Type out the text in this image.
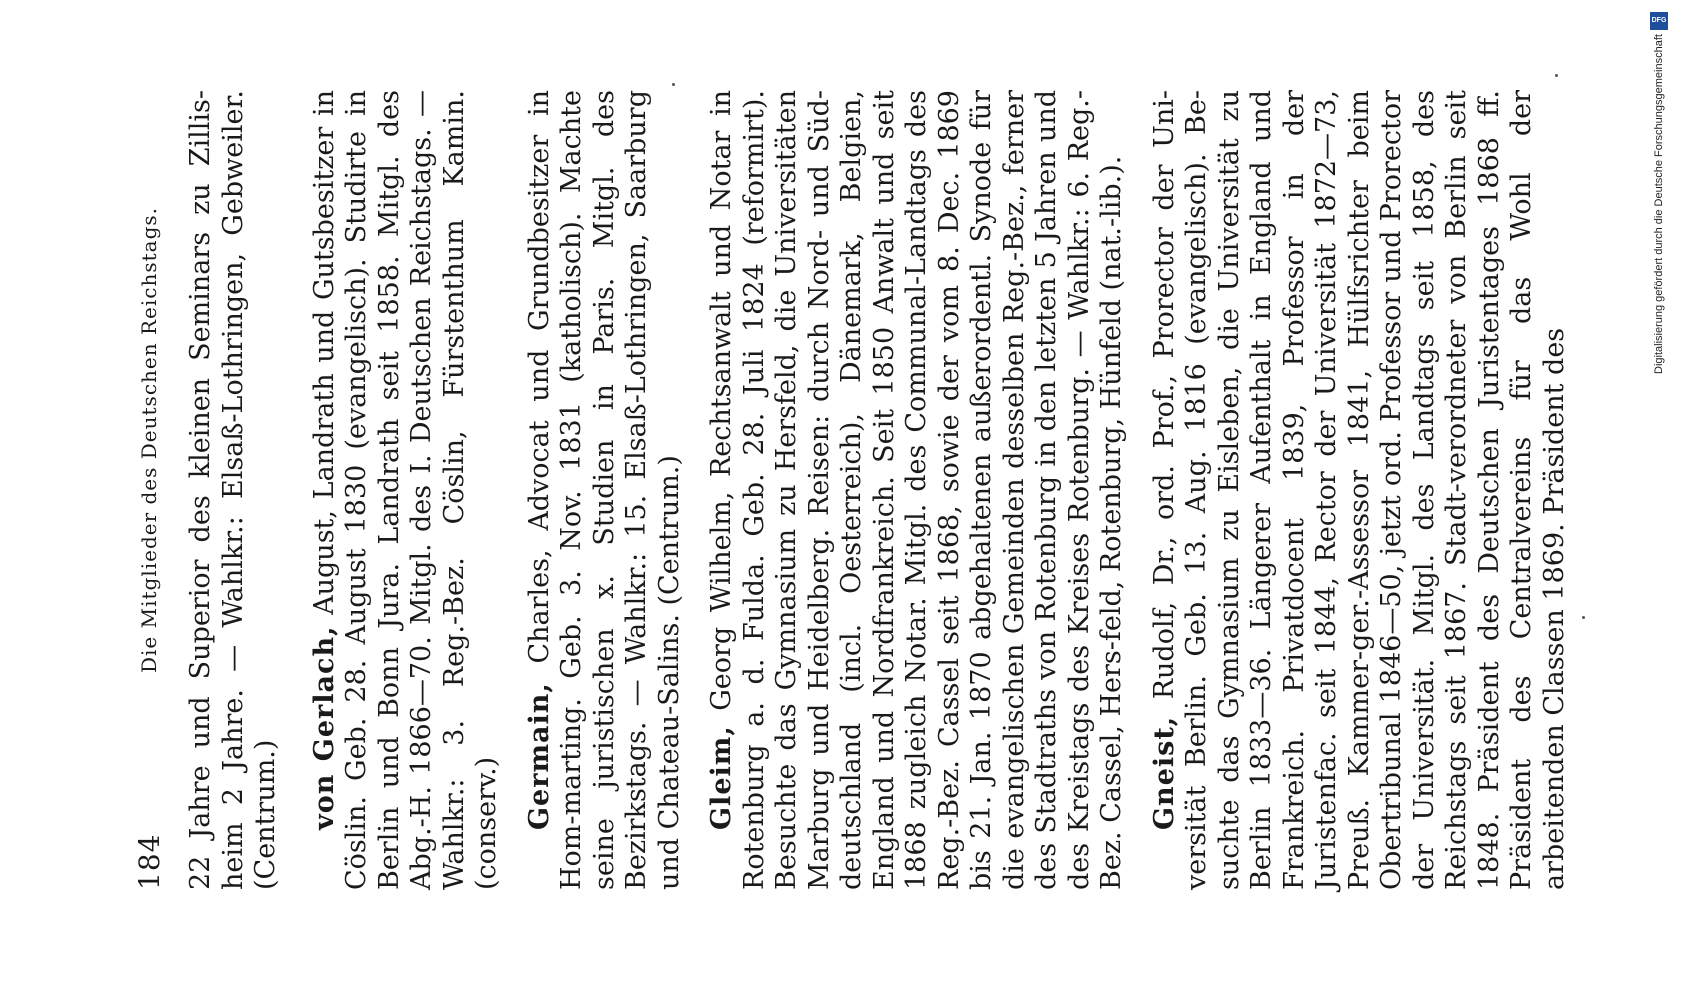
184
Die Mitglieder des Deutschen Reichstags. 22 Jahre und Superior des kleinen Seminars zu Zillis-heim 2 Jahre. — Wahlkr.: Elsaß-Lothringen, Gebweiler. (Centrum.) von Gerlach, August, Landrath und Gutsbesitzer in Cöslin. Geb. 28. August 1830 (evangelisch). Studirte in Berlin und Bonn Jura. Landrath seit 1858. Mitgl. des Abg.-H. 1866—70. Mitgl. des I. Deutschen Reichstags. — Wahlkr.: 3. Reg.-Bez. Cöslin, Fürstenthum Kamin. (conserv.) Germain, Charles, Advocat und Grundbesitzer in Hom-marting. Geb. 3. Nov. 1831 (katholisch). Machte seine juristischen x. Studien in Paris. Mitgl. des Bezirkstags. — Wahlkr.: 15. Elsaß-Lothringen, Saarburg und Chateau-Salins. (Centrum.) Gleim, Georg Wilhelm, Rechtsanwalt und Notar in Rotenburg a. d. Fulda. Geb. 28. Juli 1824 (reformirt). Besuchte das Gymnasium zu Hersfeld, die Universitäten Marburg und Heidelberg. Reisen: durch Nord- und Süd-deutschland (incl. Oesterreich), Dänemark, Belgien, England und Nordfrankreich. Seit 1850 Anwalt und seit 1868 zugleich Notar. Mitgl. des Communal-Landtags des Reg.-Bez. Cassel seit 1868, sowie der vom 8. Dec. 1869 bis 21. Jan. 1870 abgehaltenen außerordentl. Synode für die evangelischen Gemeinden desselben Reg.-Bez., ferner des Stadtraths von Rotenburg in den letzten 5 Jahren und des Kreistags des Kreises Rotenburg. — Wahlkr.: 6. Reg.-Bez. Cassel, Hers-feld, Rotenburg, Hünfeld (nat.-lib.). Gneist, Rudolf, Dr., ord. Prof., Prorector der Uni-versität Berlin. Geb. 13. Aug. 1816 (evangelisch). Be-suchte das Gymnasium zu Eisleben, die Universität zu Berlin 1833—36. Längerer Aufenthalt in England und Frankreich. Privatdocent 1839, Professor in der Juristenfac. seit 1844, Rector der Universität 1872—73, Preuß. Kammer-ger.-Assessor 1841, Hülfsrichter beim Obertribunal 1846—50, jetzt ord. Professor und Prorector der Universität. Mitgl. des Landtags seit 1858, des Reichstags seit 1867. Stadt-verordneter von Berlin seit 1848. Präsident des Deutschen Juristentages 1868 ff. Präsident des Centralvereins für das Wohl der arbeitenden Classen 1869. Präsident des

DFG
Digitalisierung gefördert durch die Deutsche Forschungsgemeinschaft
